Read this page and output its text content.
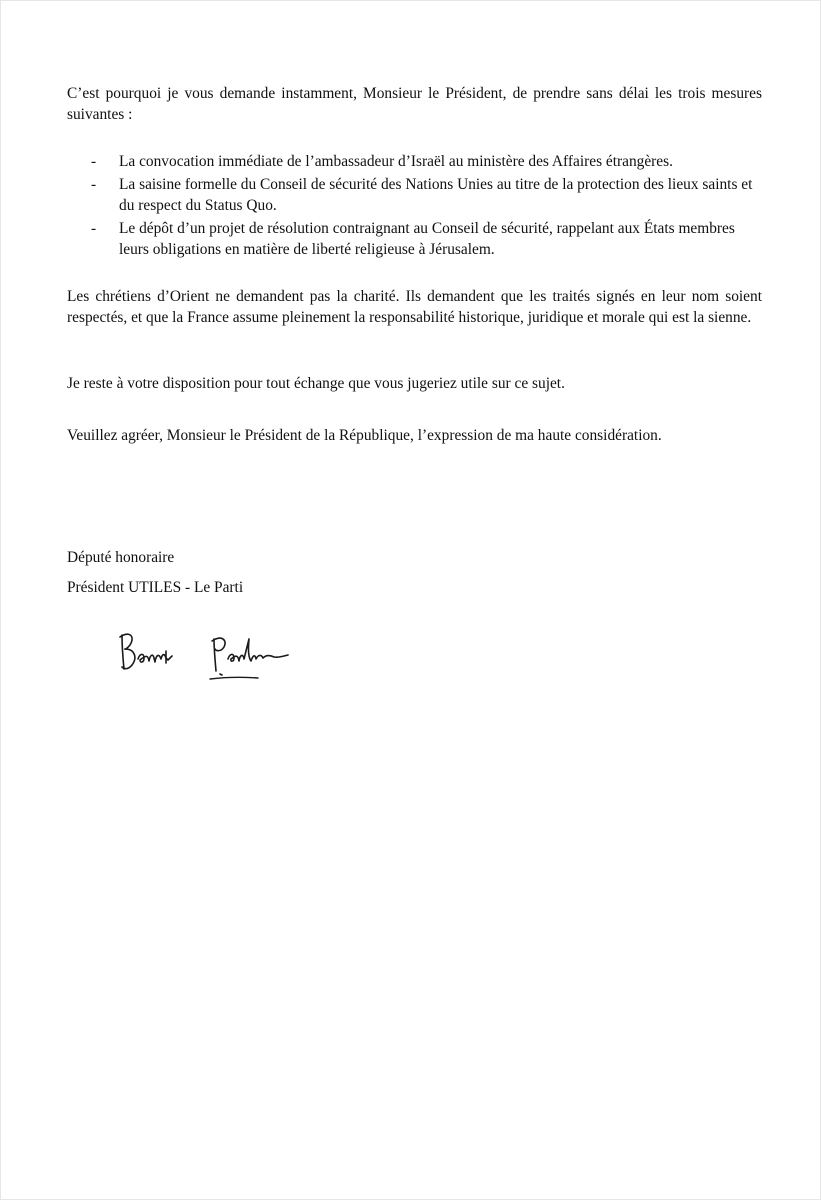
C’est pourquoi je vous demande instamment, Monsieur le Président, de prendre sans délai les trois mesures suivantes :

- La convocation immédiate de l’ambassadeur d’Israël au ministère des Affaires étrangères.
- La saisine formelle du Conseil de sécurité des Nations Unies au titre de la protection des lieux saints et du respect du Status Quo.
- Le dépôt d’un projet de résolution contraignant au Conseil de sécurité, rappelant aux États membres leurs obligations en matière de liberté religieuse à Jérusalem.

Les chrétiens d’Orient ne demandent pas la charité. Ils demandent que les traités signés en leur nom soient respectés, et que la France assume pleinement la responsabilité historique, juridique et morale qui est la sienne.

Je reste à votre disposition pour tout échange que vous jugeriez utile sur ce sujet.

Veuillez agréer, Monsieur le Président de la République, l’expression de ma haute considération.

Député honoraire
Président UTILES - Le Parti
